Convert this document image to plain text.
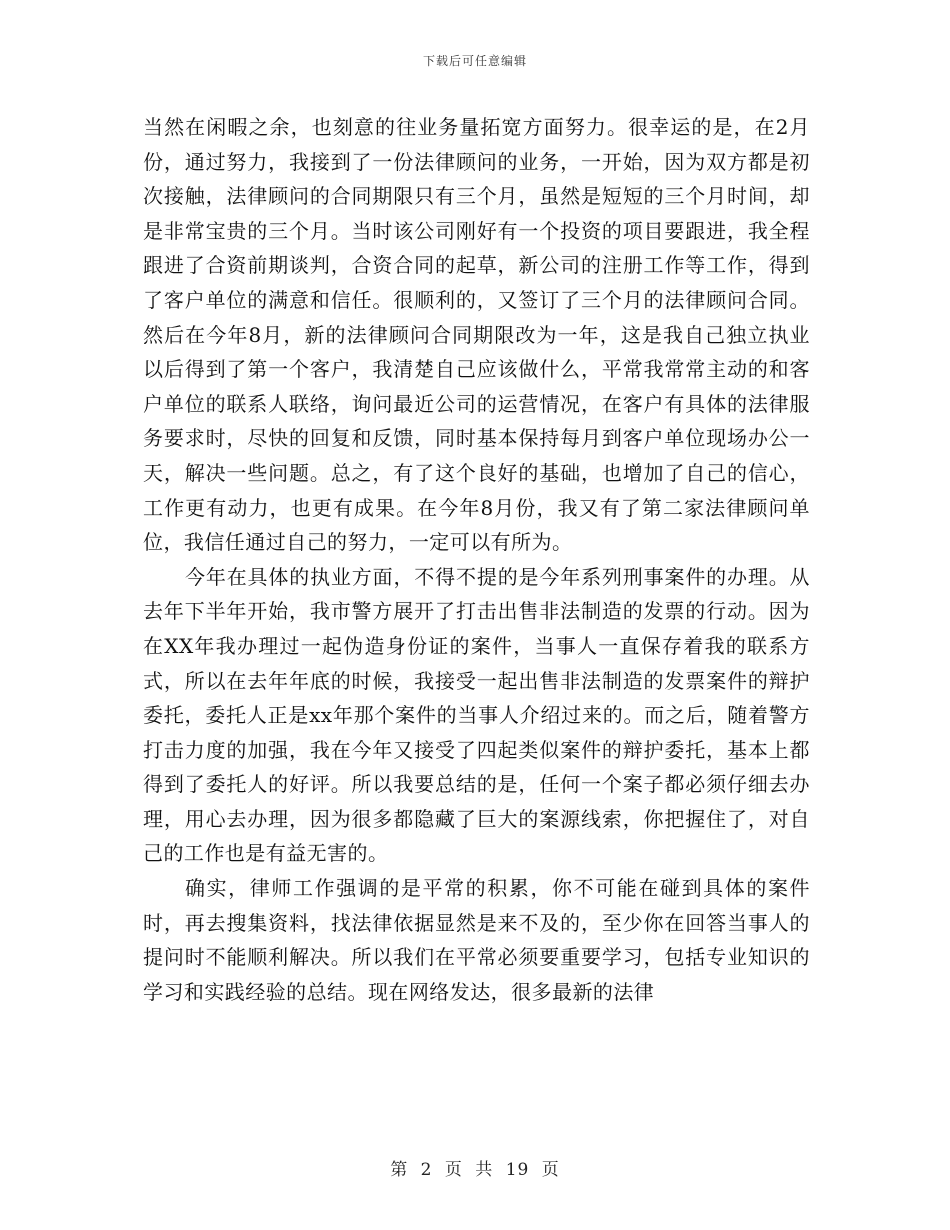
下载后可任意编辑

当然在闲暇之余，也刻意的往业务量拓宽方面努力。很幸运的是，在2月份，通过努力，我接到了一份法律顾问的业务，一开始，因为双方都是初次接触，法律顾问的合同期限只有三个月，虽然是短短的三个月时间，却是非常宝贵的三个月。当时该公司刚好有一个投资的项目要跟进，我全程跟进了合资前期谈判，合资合同的起草，新公司的注册工作等工作，得到了客户单位的满意和信任。很顺利的，又签订了三个月的法律顾问合同。然后在今年8月，新的法律顾问合同期限改为一年，这是我自己独立执业以后得到了第一个客户，我清楚自己应该做什么，平常我常常主动的和客户单位的联系人联络，询问最近公司的运营情况，在客户有具体的法律服务要求时，尽快的回复和反馈，同时基本保持每月到客户单位现场办公一天，解决一些问题。总之，有了这个良好的基础，也增加了自己的信心，工作更有动力，也更有成果。在今年8月份，我又有了第二家法律顾问单位，我信任通过自己的努力，一定可以有所为。

今年在具体的执业方面，不得不提的是今年系列刑事案件的办理。从去年下半年开始，我市警方展开了打击出售非法制造的发票的行动。因为在XX年我办理过一起伪造身份证的案件，当事人一直保存着我的联系方式，所以在去年年底的时候，我接受一起出售非法制造的发票案件的辩护委托，委托人正是xx年那个案件的当事人介绍过来的。而之后，随着警方打击力度的加强，我在今年又接受了四起类似案件的辩护委托，基本上都得到了委托人的好评。所以我要总结的是，任何一个案子都必须仔细去办理，用心去办理，因为很多都隐藏了巨大的案源线索，你把握住了，对自己的工作也是有益无害的。

确实，律师工作强调的是平常的积累，你不可能在碰到具体的案件时，再去搜集资料，找法律依据显然是来不及的，至少你在回答当事人的提问时不能顺利解决。所以我们在平常必须要重要学习，包括专业知识的学习和实践经验的总结。现在网络发达，很多最新的法律

第 2 页 共 19 页
